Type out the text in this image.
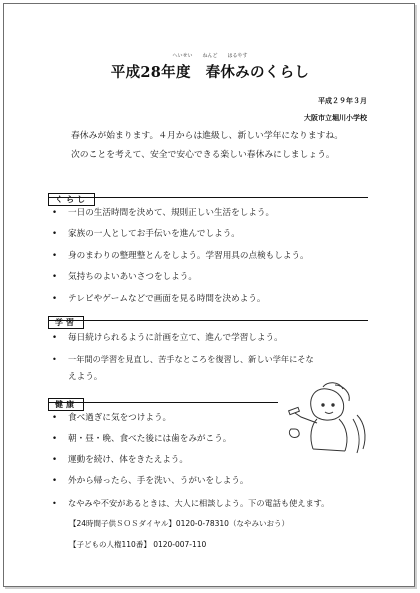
へいせい　　ねんど　　はるやす
平成28年度　春休みのくらし
平成２９年３月
大阪市立堀川小学校
春休みが始まります。４月からは進級し、新しい学年になりますね。
次のことを考えて、安全で安心できる楽しい春休みにしましょう。
くらし
• 一日の生活時間を決めて、規則正しい生活をしよう。
• 家族の一人としてお手伝いを進んでしよう。
• 身のまわりの整理整とんをしよう。学習用具の点検もしよう。
• 気持ちのよいあいさつをしよう。
• テレビやゲームなどで画面を見る時間を決めよう。
学習
• 毎日続けられるように計画を立て、進んで学習しよう。
• 一年間の学習を見直し、苦手なところを復習し、新しい学年にそな
えよう。
健康
• 食べ過ぎに気をつけよう。
• 朝・昼・晩、食べた後には歯をみがこう。
• 運動を続け、体をきたえよう。
• 外から帰ったら、手を洗い、うがいをしよう。
• なやみや不安があるときは、大人に相談しよう。下の電話も使えます。
【24時間子供ＳＯＳダイヤル】0120-0-78310（なやみいおう）
【子どもの人権110番】 0120-007-110
